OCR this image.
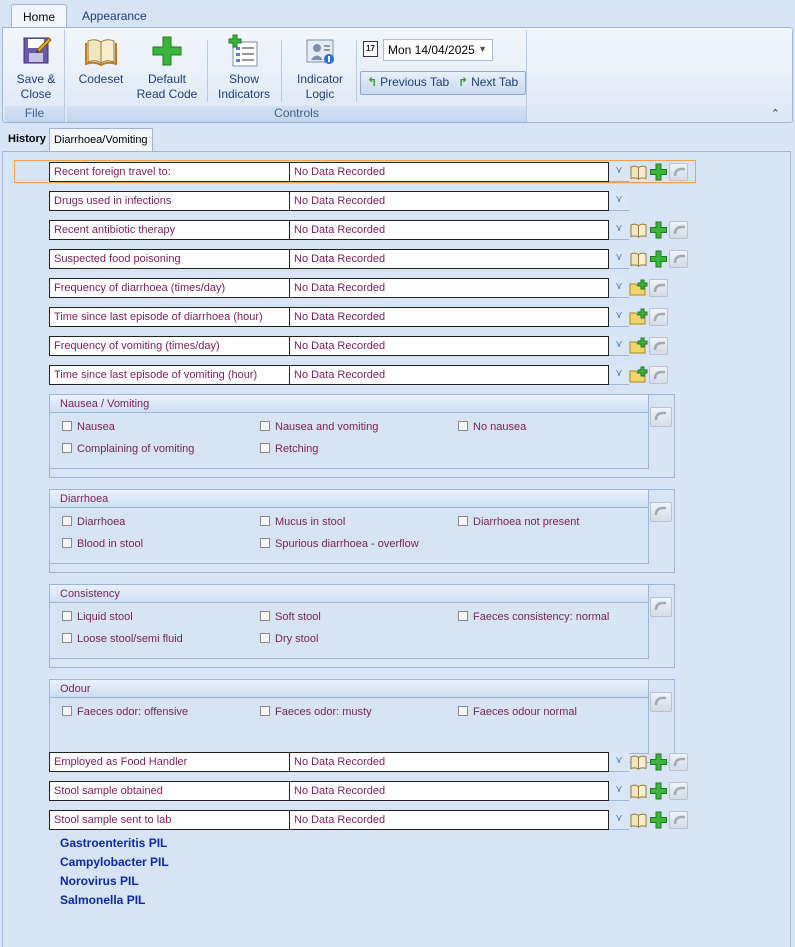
Home	Appearance
Save &
Close
File
Codeset	Default
Read Code
Show
Indicators
Indicator
Logic
Controls
17	Mon 14/04/2025 ▼
↰ Previous Tab ↱ Next Tab
⌃
History Diarrhoea/Vomiting
Recent foreign travel to:	No Data Recorded	⋎
Drugs used in infections	No Data Recorded	⋎
Recent antibiotic therapy	No Data Recorded	⋎
Suspected food poisoning	No Data Recorded	⋎
Frequency of diarrhoea (times/day)	No Data Recorded	⋎
Time since last episode of diarrhoea (hour)	No Data Recorded	⋎
Frequency of vomiting (times/day)	No Data Recorded	⋎
Time since last episode of vomiting (hour)	No Data Recorded	⋎
Nausea / Vomiting
Nausea	Nausea and vomiting	No nausea
Complaining of vomiting	Retching
Diarrhoea
Diarrhoea	Mucus in stool	Diarrhoea not present
Blood in stool	Spurious diarrhoea - overflow
Consistency
Liquid stool	Soft stool	Faeces consistency: normal
Loose stool/semi fluid	Dry stool
Odour
Faeces odor: offensive	Faeces odor: musty	Faeces odour normal
Employed as Food Handler	No Data Recorded	⋎
Stool sample obtained	No Data Recorded	⋎
Stool sample sent to lab	No Data Recorded	⋎
Gastroenteritis PIL
Campylobacter PIL
Norovirus PIL
Salmonella PIL
